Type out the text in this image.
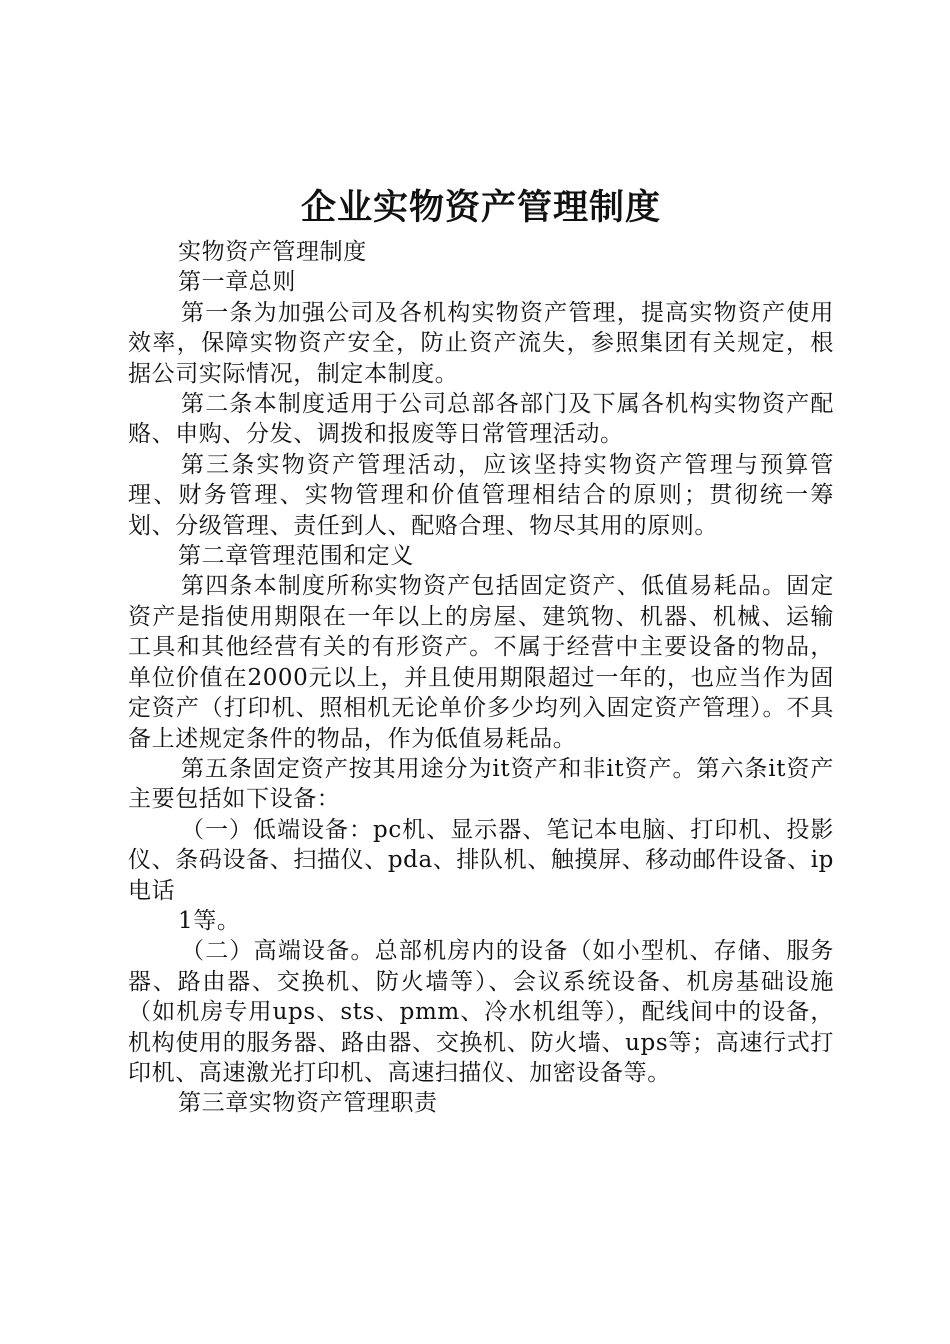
企业实物资产管理制度

实物资产管理制度

第一章总则

第一条为加强公司及各机构实物资产管理，提高实物资产使用效率，保障实物资产安全，防止资产流失，参照集团有关规定，根据公司实际情况，制定本制度。

第二条本制度适用于公司总部各部门及下属各机构实物资产配赂、申购、分发、调拨和报废等日常管理活动。

第三条实物资产管理活动，应该坚持实物资产管理与预算管理、财务管理、实物管理和价值管理相结合的原则；贯彻统一筹划、分级管理、责任到人、配赂合理、物尽其用的原则。

第二章管理范围和定义

第四条本制度所称实物资产包括固定资产、低值易耗品。固定资产是指使用期限在一年以上的房屋、建筑物、机器、机械、运输工具和其他经营有关的有形资产。不属于经营中主要设备的物品，单位价值在2000元以上，并且使用期限超过一年的，也应当作为固定资产（打印机、照相机无论单价多少均列入固定资产管理）。不具备上述规定条件的物品，作为低值易耗品。

第五条固定资产按其用途分为it资产和非it资产。第六条it资产主要包括如下设备：

（一）低端设备：pc机、显示器、笔记本电脑、打印机、投影仪、条码设备、扫描仪、pda、排队机、触摸屏、移动邮件设备、ip电话

1等。

（二）高端设备。总部机房内的设备（如小型机、存储、服务器、路由器、交换机、防火墙等）、会议系统设备、机房基础设施（如机房专用ups、sts、pmm、冷水机组等），配线间中的设备，机构使用的服务器、路由器、交换机、防火墙、ups等；高速行式打印机、高速激光打印机、高速扫描仪、加密设备等。

第三章实物资产管理职责
